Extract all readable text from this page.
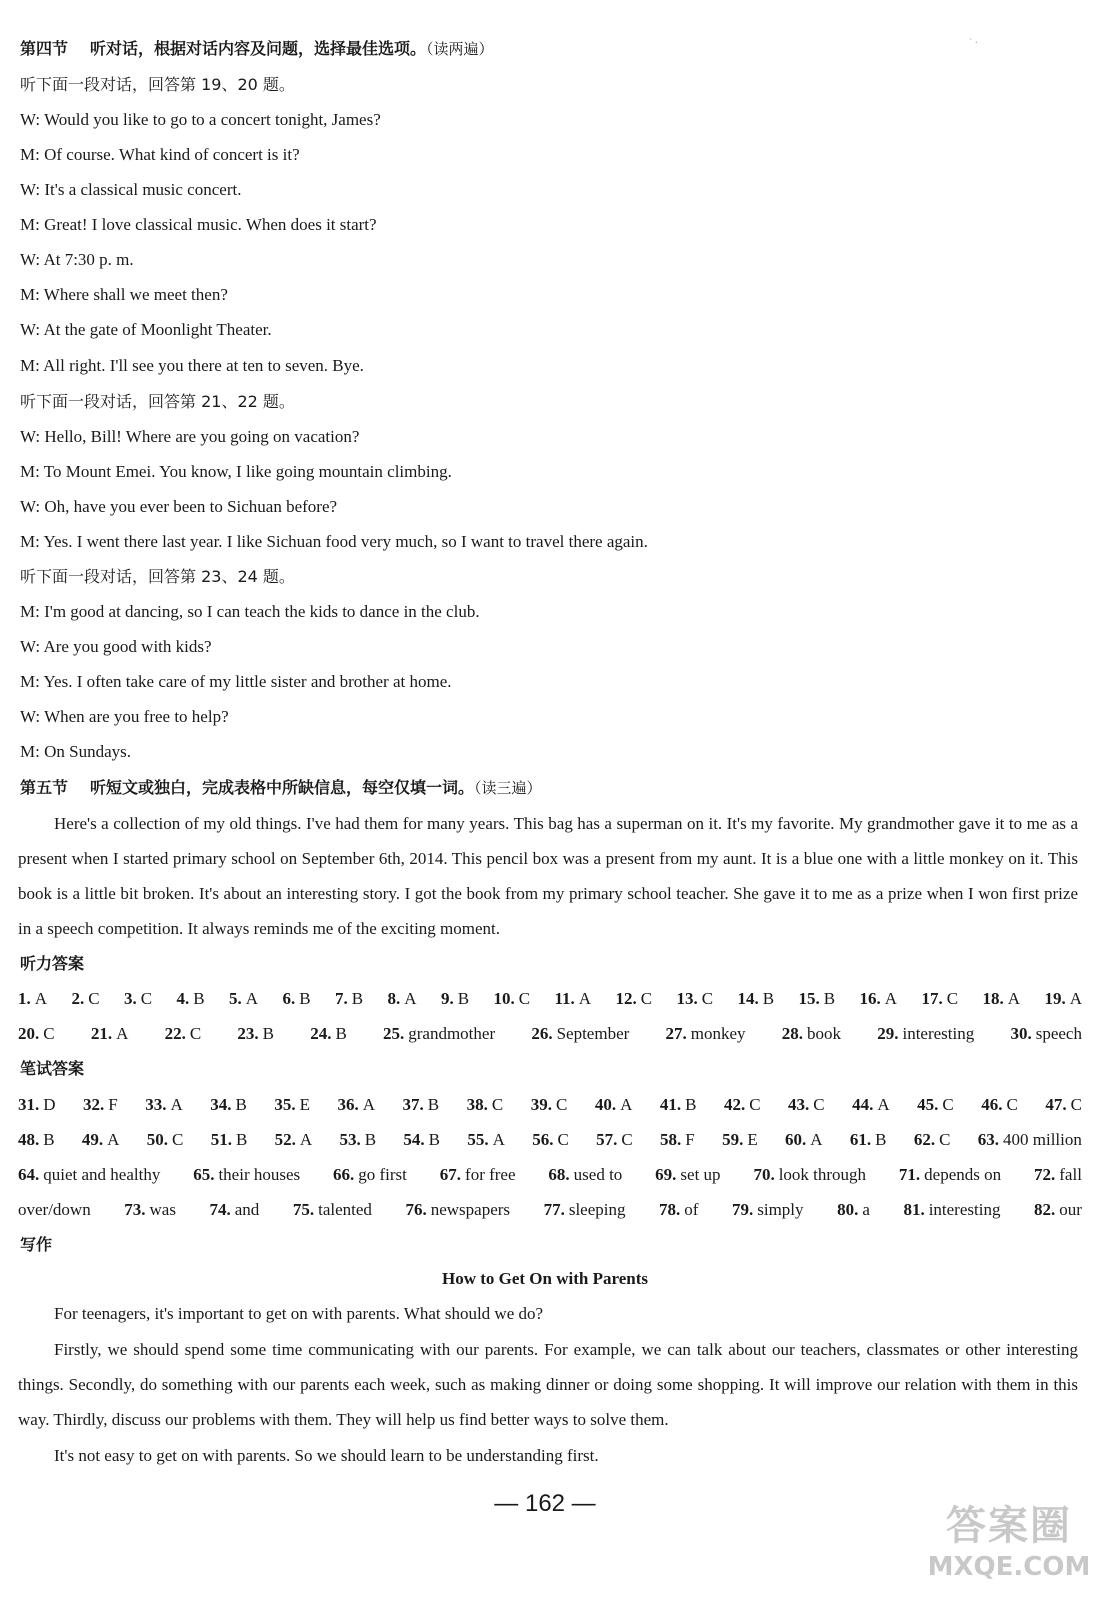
` ·
第四节 听对话，根据对话内容及问题，选择最佳选项。（读两遍）
听下面一段对话，回答第 19、20 题。
W: Would you like to go to a concert tonight, James?
M: Of course. What kind of concert is it?
W: It's a classical music concert.
M: Great! I love classical music. When does it start?
W: At 7:30 p. m.
M: Where shall we meet then?
W: At the gate of Moonlight Theater.
M: All right. I'll see you there at ten to seven. Bye.
听下面一段对话，回答第 21、22 题。
W: Hello, Bill! Where are you going on vacation?
M: To Mount Emei. You know, I like going mountain climbing.
W: Oh, have you ever been to Sichuan before?
M: Yes. I went there last year. I like Sichuan food very much, so I want to travel there again.
听下面一段对话，回答第 23、24 题。
M: I'm good at dancing, so I can teach the kids to dance in the club.
W: Are you good with kids?
M: Yes. I often take care of my little sister and brother at home.
W: When are you free to help?
M: On Sundays.
第五节 听短文或独白，完成表格中所缺信息，每空仅填一词。（读三遍）

Here's a collection of my old things. I've had them for many years. This bag has a superman on it. It's my favorite. My grandmother gave it to me as a present when I started primary school on September 6th, 2014. This pencil box was a present from my aunt. It is a blue one with a little monkey on it. This book is a little bit broken. It's about an interesting story. I got the book from my primary school teacher. She gave it to me as a prize when I won first prize in a speech competition. It always reminds me of the exciting moment.

听力答案
1. A 2. C 3. C 4. B 5. A 6. B 7. B 8. A 9. B 10. C 11. A 12. C 13. C 14. B 15. B 16. A 17. C 18. A 19. A
20. C 21. A 22. C 23. B 24. B 25. grandmother 26. September 27. monkey 28. book 29. interesting 30. speech
笔试答案
31. D 32. F 33. A 34. B 35. E 36. A 37. B 38. C 39. C 40. A 41. B 42. C 43. C 44. A 45. C 46. C 47. C
48. B 49. A 50. C 51. B 52. A 53. B 54. B 55. A 56. C 57. C 58. F 59. E 60. A 61. B 62. C 63. 400 million
64. quiet and healthy 65. their houses 66. go first 67. for free 68. used to 69. set up 70. look through 71. depends on 72. fall
over/down 73. was 74. and 75. talented 76. newspapers 77. sleeping 78. of 79. simply 80. a 81. interesting 82. our
写作
How to Get On with Parents

For teenagers, it's important to get on with parents. What should we do?

Firstly, we should spend some time communicating with our parents. For example, we can talk about our teachers, classmates or other interesting things. Secondly, do something with our parents each week, such as making dinner or doing some shopping. It will improve our relation with them in this way. Thirdly, discuss our problems with them. They will help us find better ways to solve them.

It's not easy to get on with parents. So we should learn to be understanding first.

— 162 —	答案圈
MXQE.COM
